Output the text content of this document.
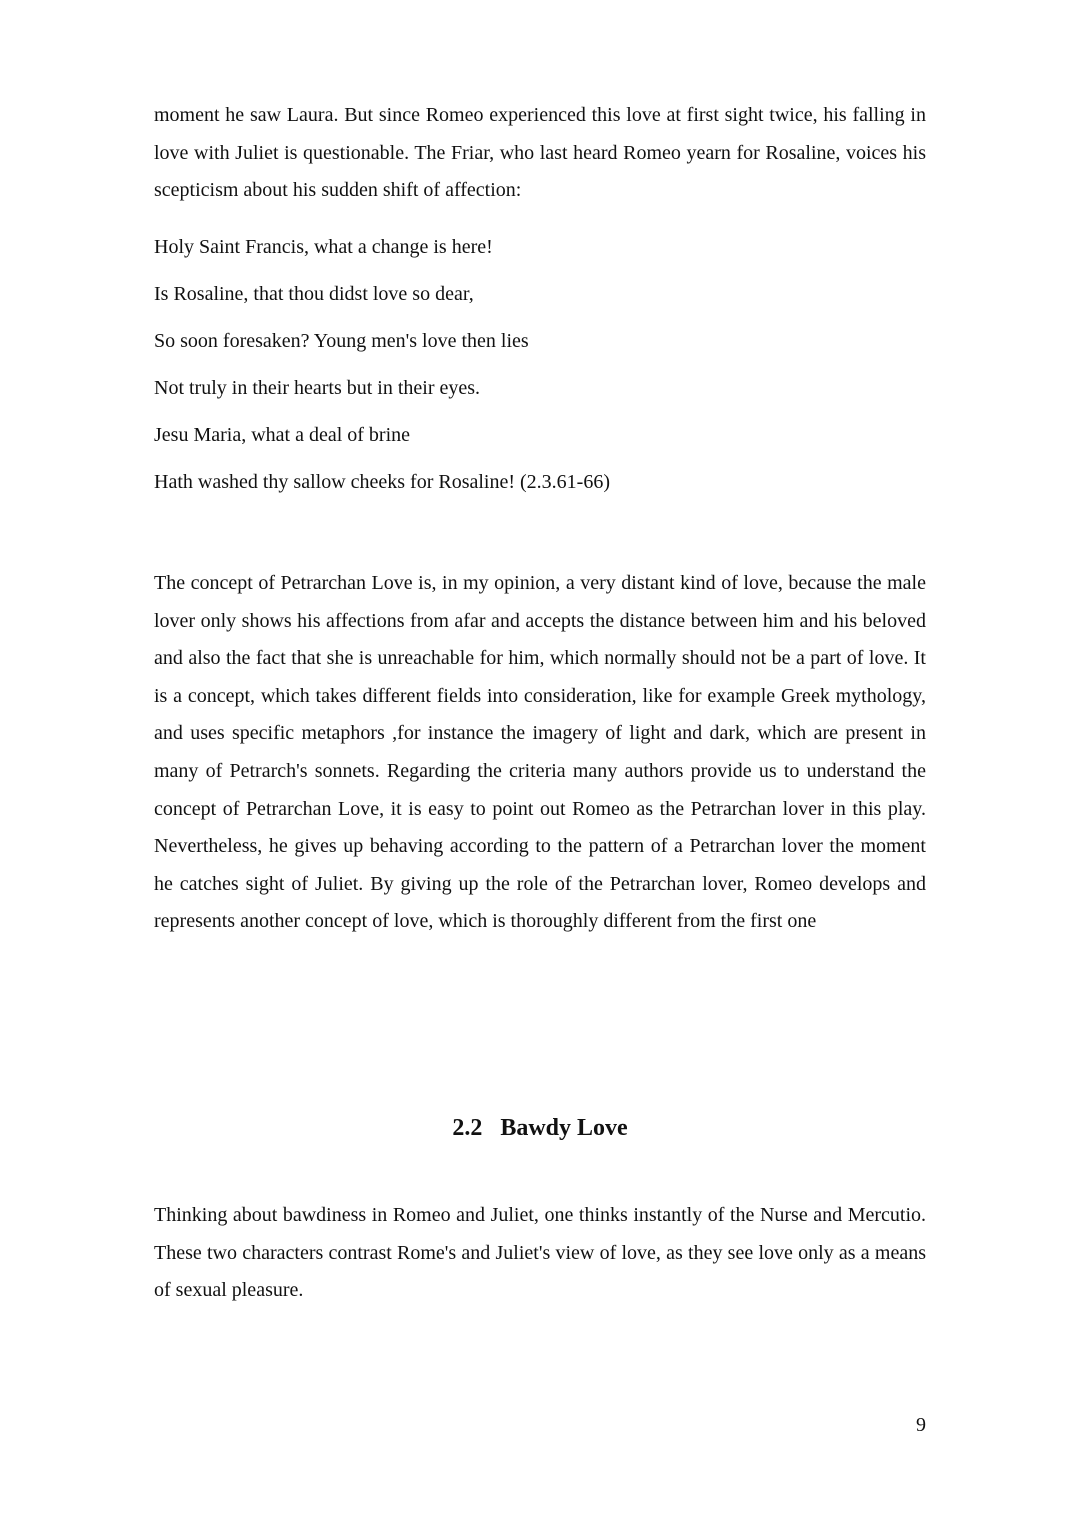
moment he saw Laura. But since Romeo experienced this love at first sight twice, his falling in love with Juliet is questionable. The Friar, who last heard Romeo yearn for Rosaline, voices his scepticism about his sudden shift of affection:

Holy Saint Francis, what a change is here!
Is Rosaline, that thou didst love so dear,
So soon foresaken? Young men's love then lies
Not truly in their hearts but in their eyes.
Jesu Maria, what a deal of brine
Hath washed thy sallow cheeks for Rosaline! (2.3.61-66)

The concept of Petrarchan Love is, in my opinion, a very distant kind of love, because the male lover only shows his affections from afar and accepts the distance between him and his beloved and also the fact that she is unreachable for him, which normally should not be a part of love. It is a concept, which takes different fields into consideration, like for example Greek mythology, and uses specific metaphors ,for instance the imagery of light and dark, which are present in many of Petrarch's sonnets. Regarding the criteria many authors provide us to understand the concept of Petrarchan Love, it is easy to point out Romeo as the Petrarchan lover in this play. Nevertheless, he gives up behaving according to the pattern of a Petrarchan lover the moment he catches sight of Juliet. By giving up the role of the Petrarchan lover, Romeo develops and represents another concept of love, which is thoroughly different from the first one

2.2 Bawdy Love

Thinking about bawdiness in Romeo and Juliet, one thinks instantly of the Nurse and Mercutio. These two characters contrast Rome's and Juliet's view of love, as they see love only as a means of sexual pleasure.

9
